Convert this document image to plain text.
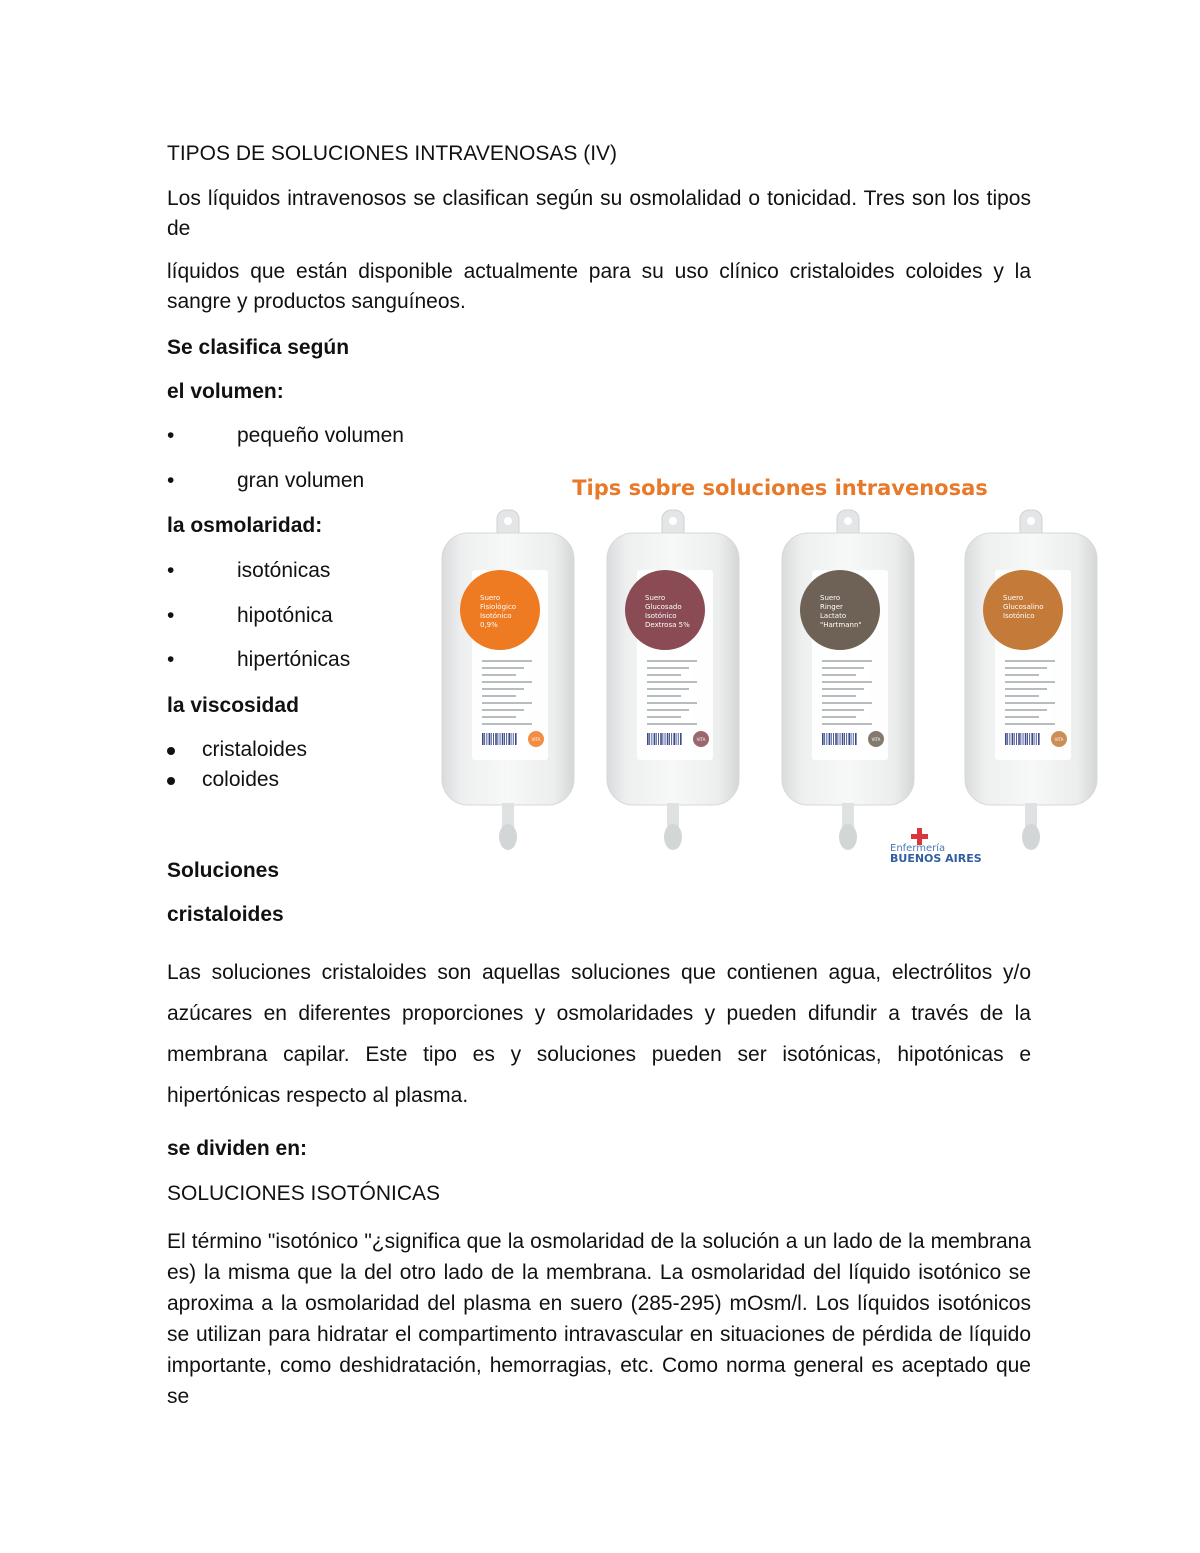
TIPOS DE SOLUCIONES INTRAVENOSAS (IV)
Los líquidos intravenosos se clasifican según su osmolalidad o tonicidad. Tres son los tipos de
líquidos que están disponible actualmente para su uso clínico cristaloides coloides y la sangre y productos sanguíneos.
Se clasifica según
el volumen:
•	pequeño volumen
•	gran volumen
la osmolaridad:
•	isotónicas
•	hipotónica
•	hipertónicas
la viscosidad
cristaloides
coloides
Tips sobre soluciones intravenosas
Suero Fisiológico Isotónico 0,9%
VITA
Suero Glucosado Isotónico Dextrosa 5%
VITA
Suero Ringer Lactato "Hartmann"
VITA
Suero Glucosalino Isotónico
VITA
Enfermería
BUENOS AIRES
Soluciones
cristaloides
Las soluciones cristaloides son aquellas soluciones que contienen agua, electrólitos y/o azúcares en diferentes proporciones y osmolaridades y pueden difundir a través de la membrana capilar. Este tipo es y soluciones pueden ser isotónicas, hipotónicas e hipertónicas respecto al plasma.
se dividen en:
SOLUCIONES ISOTÓNICAS
El término "isotónico "¿significa que la osmolaridad de la solución a un lado de la membrana es) la misma que la del otro lado de la membrana. La osmolaridad del líquido isotónico se aproxima a la osmolaridad del plasma en suero (285-295) mOsm/l. Los líquidos isotónicos se utilizan para hidratar el compartimento intravascular en situaciones de pérdida de líquido importante, como deshidratación, hemorragias, etc. Como norma general es aceptado que se
